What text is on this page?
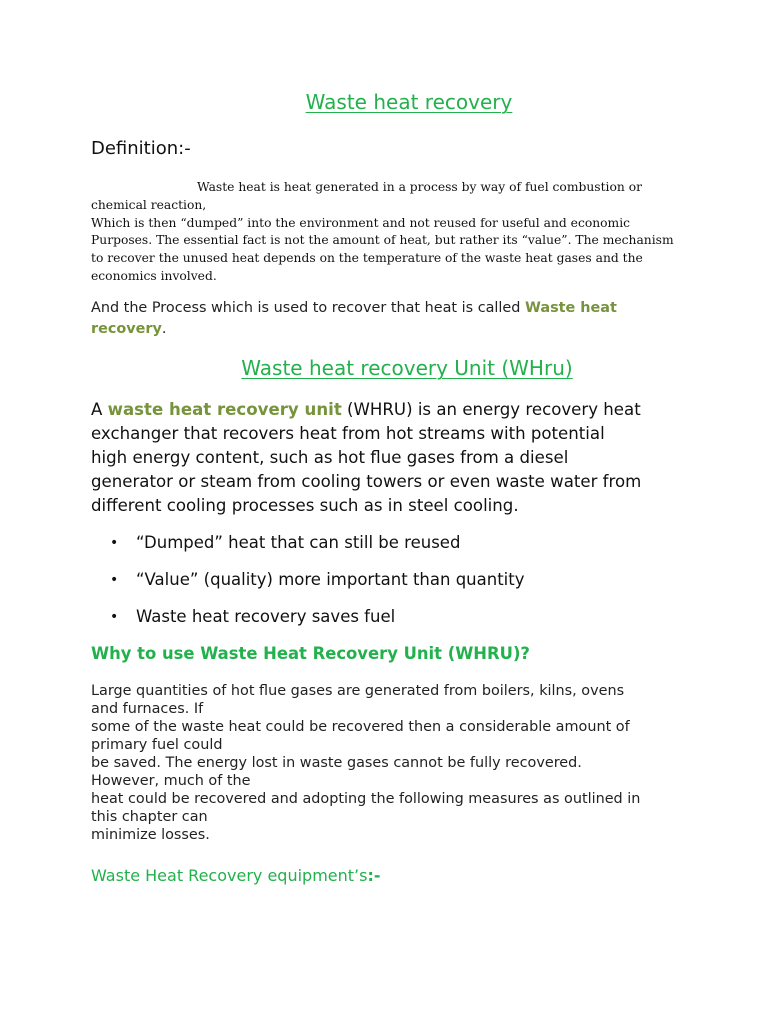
Waste heat recovery
Definition:-
Waste heat is heat generated in a process by way of fuel combustion or
chemical reaction,
Which is then “dumped” into the environment and not reused for useful and economic
Purposes. The essential fact is not the amount of heat, but rather its “value”. The mechanism
to recover the unused heat depends on the temperature of the waste heat gases and the
economics involved.

And the Process which is used to recover that heat is called Waste heat recovery.

Waste heat recovery Unit (WHru)
A waste heat recovery unit (WHRU) is an energy recovery heat
exchanger that recovers heat from hot streams with potential
high energy content, such as hot flue gases from a diesel
generator or steam from cooling towers or even waste water from
different cooling processes such as in steel cooling.
• “Dumped” heat that can still be reused
• “Value” (quality) more important than quantity
• Waste heat recovery saves fuel
Why to use Waste Heat Recovery Unit (WHRU)?
Large quantities of hot flue gases are generated from boilers, kilns, ovens
and furnaces. If
some of the waste heat could be recovered then a considerable amount of
primary fuel could
be saved. The energy lost in waste gases cannot be fully recovered.
However, much of the
heat could be recovered and adopting the following measures as outlined in
this chapter can
minimize losses.
Waste Heat Recovery equipment’s:-
